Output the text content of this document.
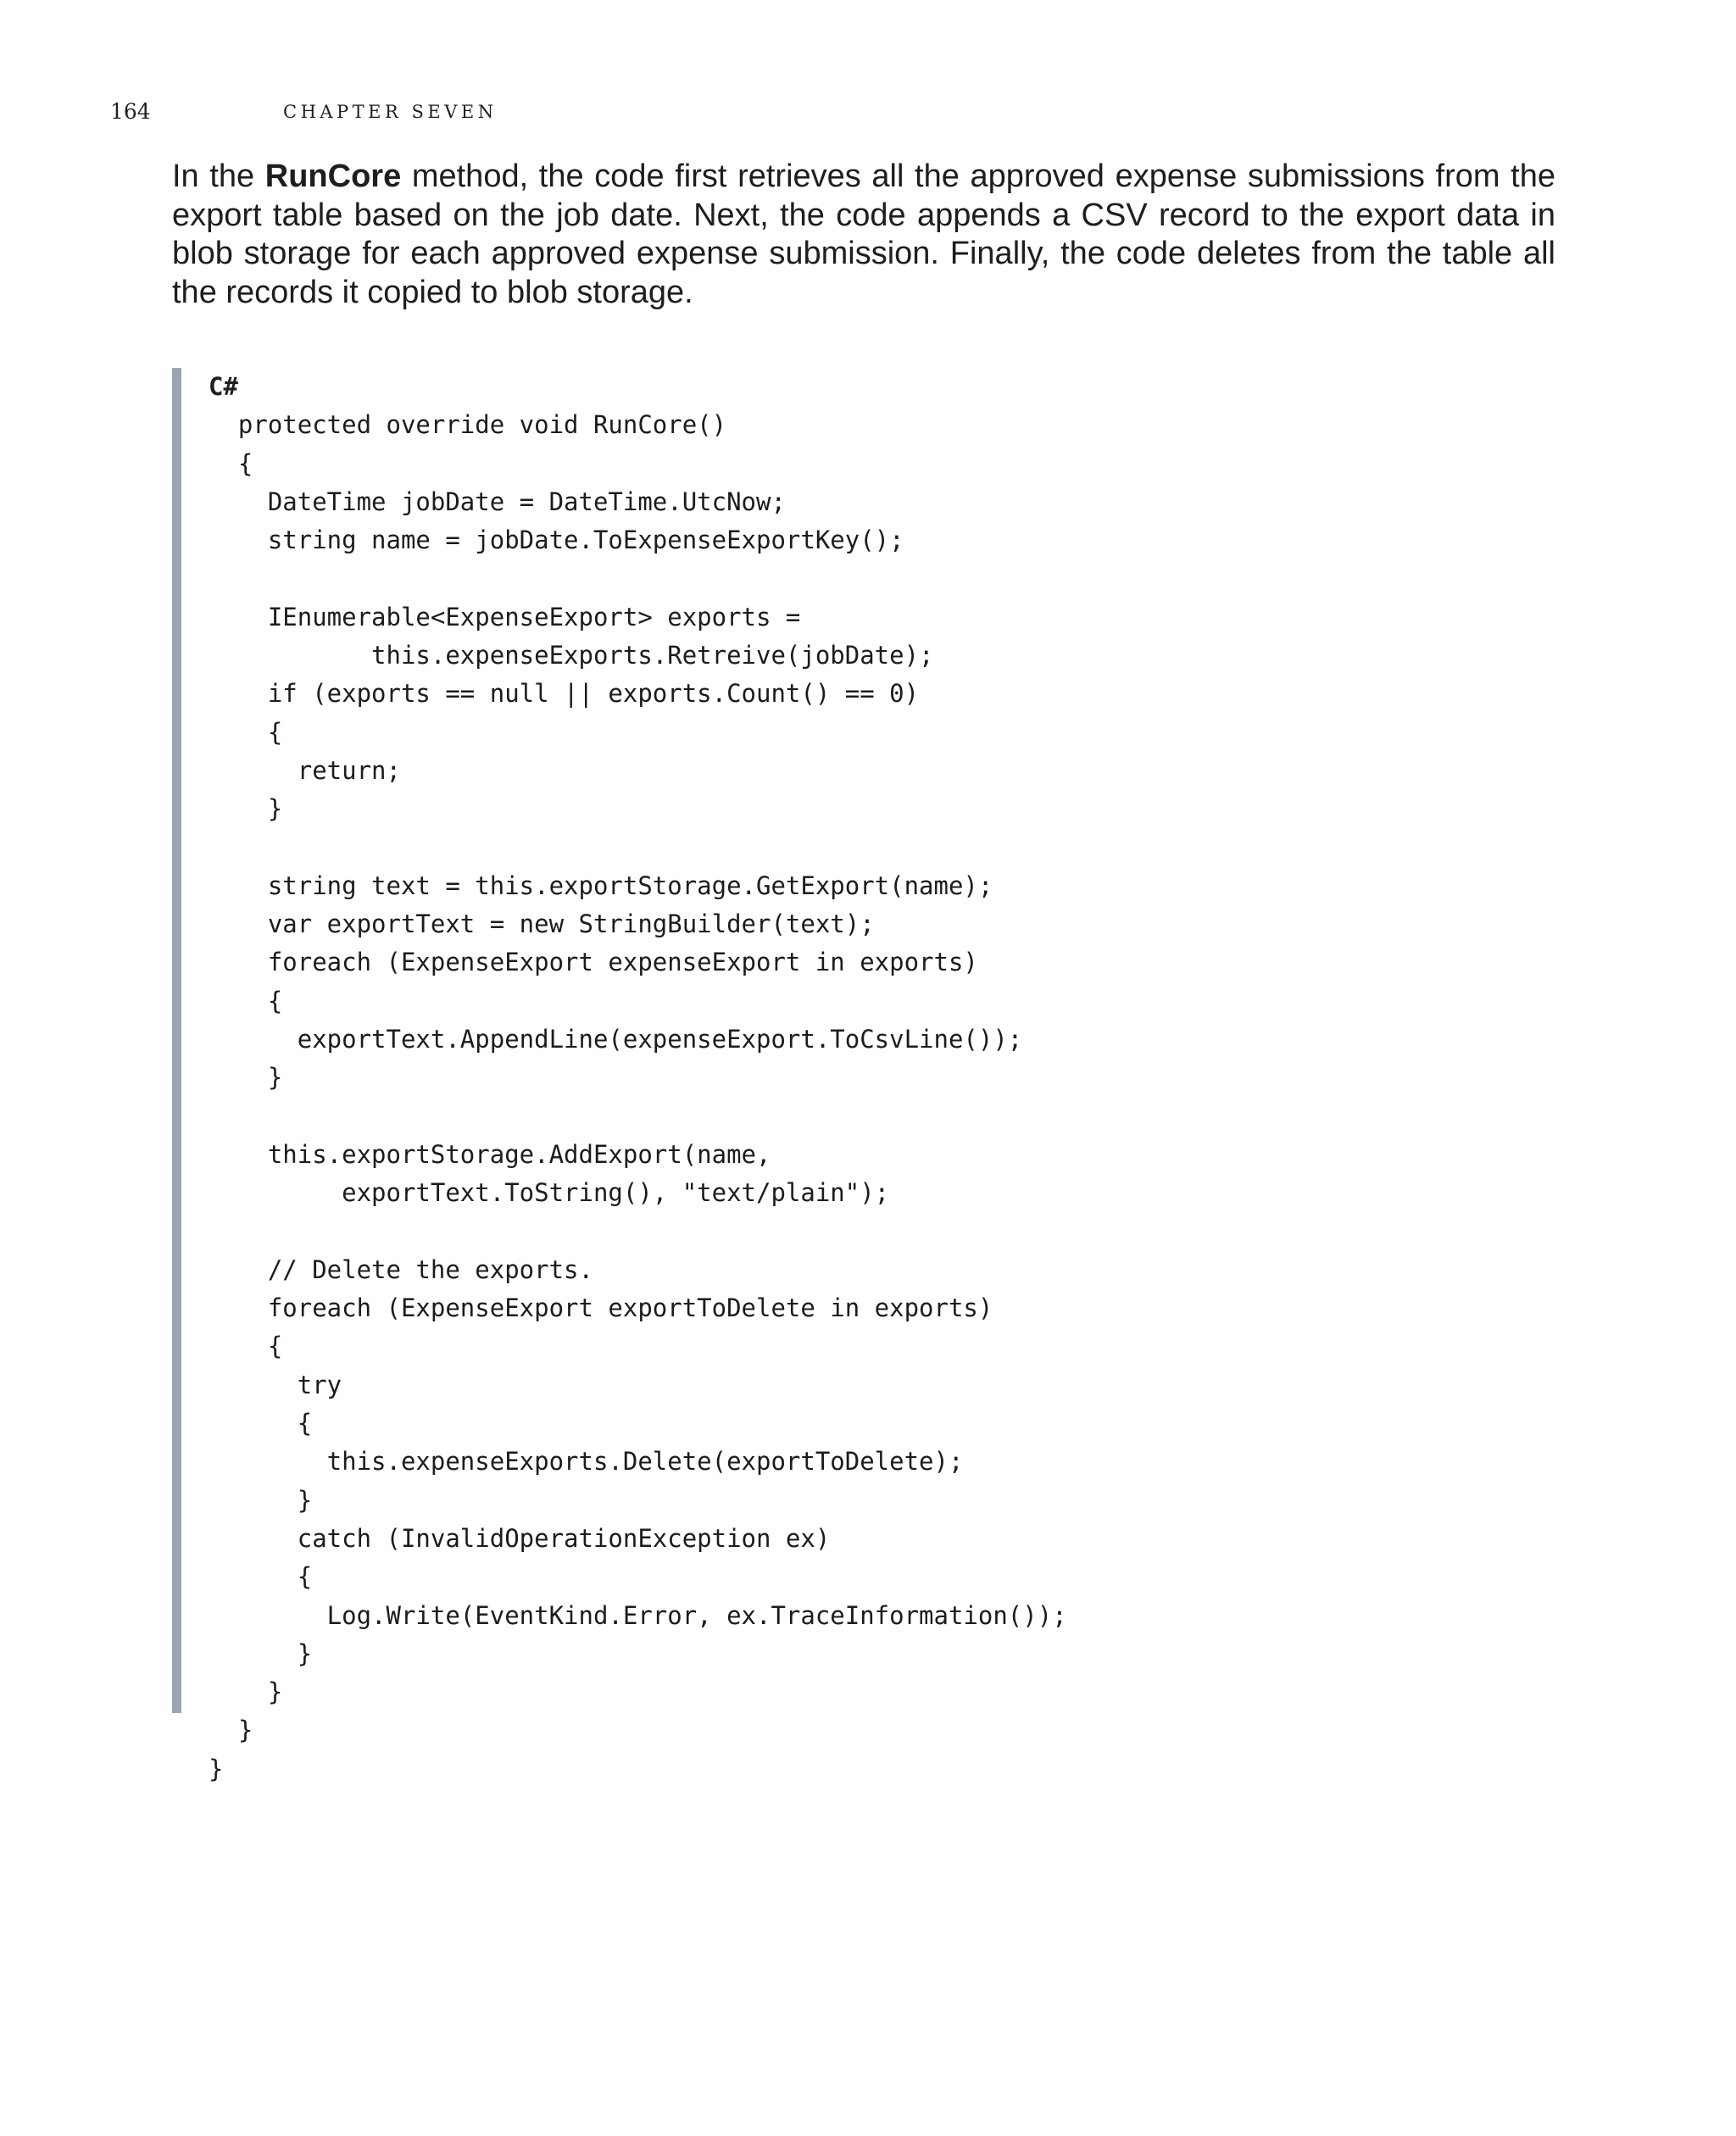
164	CHAPTER SEVEN

In the RunCore method, the code first retrieves all the approved expense submissions from the export table based on the job date. Next, the code appends a CSV record to the export data in blob storage for each approved expense submission. Finally, the code deletes from the table all the records it copied to blob storage.

C#

protected override void RunCore()
{
DateTime jobDate = DateTime.UtcNow;
string name = jobDate.ToExpenseExportKey();

IEnumerable<ExpenseExport> exports =
this.expenseExports.Retreive(jobDate);
if (exports == null || exports.Count() == 0)
{
return;
}

string text = this.exportStorage.GetExport(name);
var exportText = new StringBuilder(text);
foreach (ExpenseExport expenseExport in exports)
{
exportText.AppendLine(expenseExport.ToCsvLine());
}

this.exportStorage.AddExport(name,
exportText.ToString(), "text/plain");

// Delete the exports.
foreach (ExpenseExport exportToDelete in exports)
{
try
{
this.expenseExports.Delete(exportToDelete);
}
catch (InvalidOperationException ex)
{
Log.Write(EventKind.Error, ex.TraceInformation());
}
}
}
}
